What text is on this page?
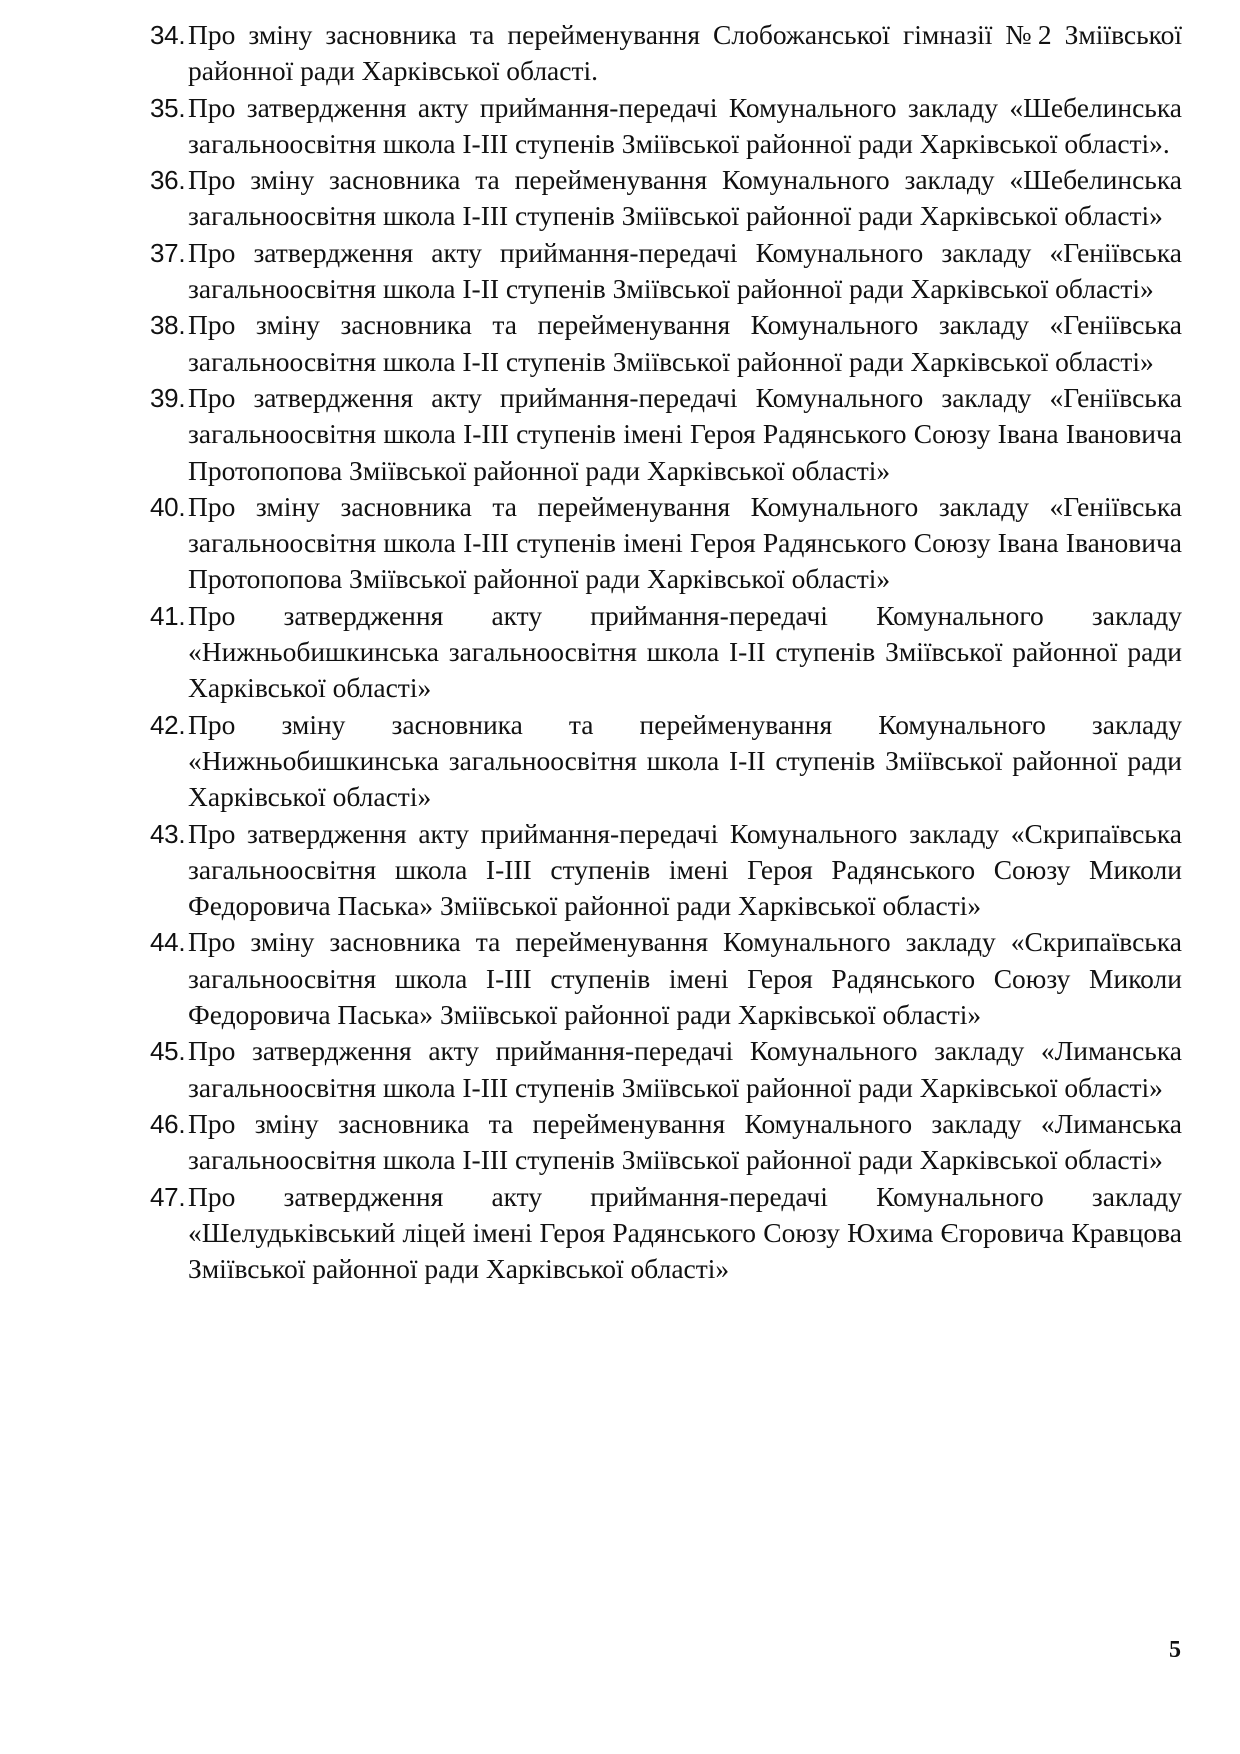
34. Про зміну засновника та перейменування Слобожанської гімназії №2 Зміївської районної ради Харківської області.
35. Про затвердження акту приймання-передачі Комунального закладу «Шебелинська загальноосвітня школа І-ІІІ ступенів Зміївської районної ради Харківської області».
36. Про зміну засновника та перейменування Комунального закладу «Шебелинська загальноосвітня школа І-ІІІ ступенів Зміївської районної ради Харківської області»
37. Про затвердження акту приймання-передачі Комунального закладу «Геніївська загальноосвітня школа І-ІІ ступенів Зміївської районної ради Харківської області»
38. Про зміну засновника та перейменування Комунального закладу «Геніївська загальноосвітня школа І-ІІ ступенів Зміївської районної ради Харківської області»
39. Про затвердження акту приймання-передачі Комунального закладу «Геніївська загальноосвітня школа І-ІІІ ступенів імені Героя Радянського Союзу Івана Івановича Протопопова Зміївської районної ради Харківської області»
40. Про зміну засновника та перейменування Комунального закладу «Геніївська загальноосвітня школа І-ІІІ ступенів імені Героя Радянського Союзу Івана Івановича Протопопова Зміївської районної ради Харківської області»
41. Про затвердження акту приймання-передачі Комунального закладу «Нижньобишкинська загальноосвітня школа І-ІІ ступенів Зміївської районної ради Харківської області»
42. Про зміну засновника та перейменування Комунального закладу «Нижньобишкинська загальноосвітня школа І-ІІ ступенів Зміївської районної ради Харківської області»
43. Про затвердження акту приймання-передачі Комунального закладу «Скрипаївська загальноосвітня школа І-ІІІ ступенів імені Героя Радянського Союзу Миколи Федоровича Паська» Зміївської районної ради Харківської області»
44. Про зміну засновника та перейменування Комунального закладу «Скрипаївська загальноосвітня школа І-ІІІ ступенів імені Героя Радянського Союзу Миколи Федоровича Паська» Зміївської районної ради Харківської області»
45. Про затвердження акту приймання-передачі Комунального закладу «Лиманська загальноосвітня школа І-ІІІ ступенів Зміївської районної ради Харківської області»
46. Про зміну засновника та перейменування Комунального закладу «Лиманська загальноосвітня школа І-ІІІ ступенів Зміївської районної ради Харківської області»
47. Про затвердження акту приймання-передачі Комунального закладу «Шелудьківський ліцей імені Героя Радянського Союзу Юхима Єгоровича Кравцова Зміївської районної ради Харківської області»
5
